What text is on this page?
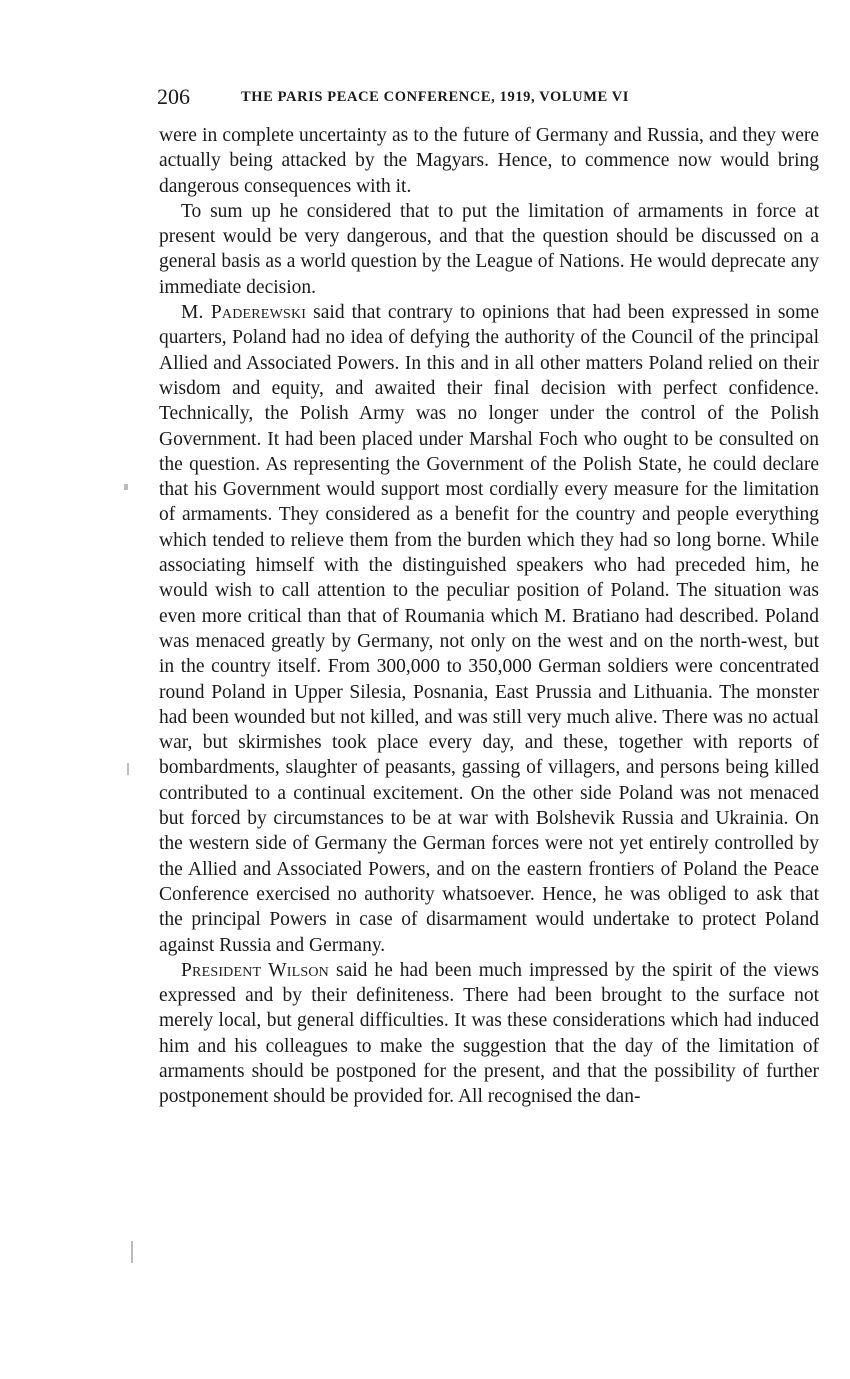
206	THE PARIS PEACE CONFERENCE, 1919, VOLUME VI

were in complete uncertainty as to the future of Germany and Russia, and they were actually being attacked by the Magyars. Hence, to commence now would bring dangerous consequences with it.

To sum up he considered that to put the limitation of armaments in force at present would be very dangerous, and that the question should be discussed on a general basis as a world question by the League of Nations. He would deprecate any immediate decision.

M. Paderewski said that contrary to opinions that had been expressed in some quarters, Poland had no idea of defying the authority of the Council of the principal Allied and Associated Powers. In this and in all other matters Poland relied on their wisdom and equity, and awaited their final decision with perfect confidence. Technically, the Polish Army was no longer under the control of the Polish Government. It had been placed under Marshal Foch who ought to be consulted on the question. As representing the Government of the Polish State, he could declare that his Government would support most cordially every measure for the limitation of armaments. They considered as a benefit for the country and people everything which tended to relieve them from the burden which they had so long borne. While associating himself with the distinguished speakers who had preceded him, he would wish to call attention to the peculiar position of Poland. The situation was even more critical than that of Roumania which M. Bratiano had described. Poland was menaced greatly by Germany, not only on the west and on the north-west, but in the country itself. From 300,000 to 350,000 German soldiers were concentrated round Poland in Upper Silesia, Posnania, East Prussia and Lithuania. The monster had been wounded but not killed, and was still very much alive. There was no actual war, but skirmishes took place every day, and these, together with reports of bombardments, slaughter of peasants, gassing of villagers, and persons being killed contributed to a continual excitement. On the other side Poland was not menaced but forced by circumstances to be at war with Bolshevik Russia and Ukrainia. On the western side of Germany the German forces were not yet entirely controlled by the Allied and Associated Powers, and on the eastern frontiers of Poland the Peace Conference exercised no authority whatsoever. Hence, he was obliged to ask that the principal Powers in case of disarmament would undertake to protect Poland against Russia and Germany.

President Wilson said he had been much impressed by the spirit of the views expressed and by their definiteness. There had been brought to the surface not merely local, but general difficulties. It was these considerations which had induced him and his colleagues to make the suggestion that the day of the limitation of armaments should be postponed for the present, and that the possibility of further postponement should be provided for. All recognised the dan-
